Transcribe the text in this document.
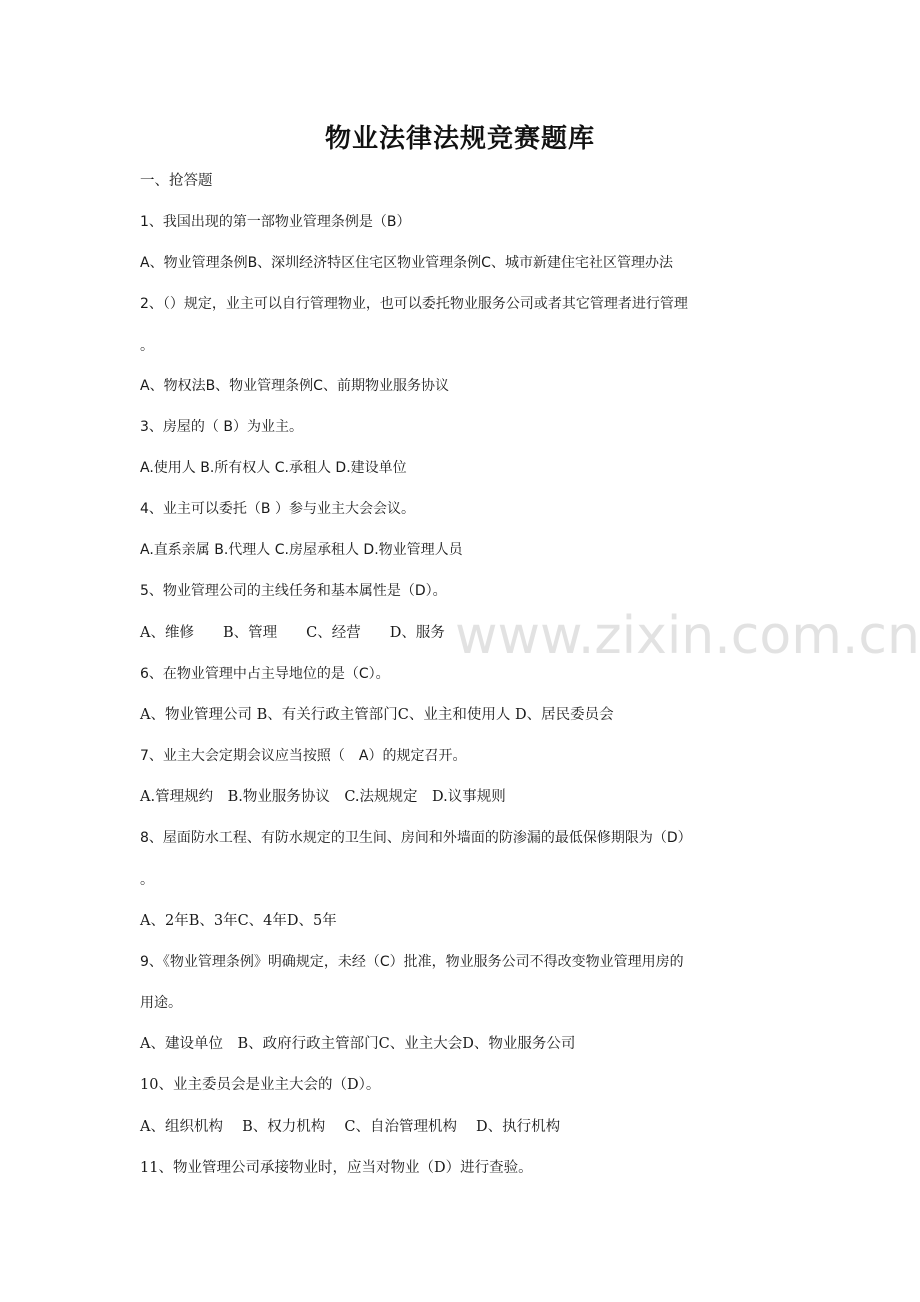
物业法律法规竞赛题库
www.zixin.com.cn
一、抢答题
1、我国出现的第一部物业管理条例是（B）
A、物业管理条例B、深圳经济特区住宅区物业管理条例C、城市新建住宅社区管理办法
2、（）规定，业主可以自行管理物业，也可以委托物业服务公司或者其它管理者进行管理
。
A、物权法B、物业管理条例C、前期物业服务协议
3、房屋的（ B）为业主。
A.使用人 B.所有权人 C.承租人 D.建设单位
4、业主可以委托（B ）参与业主大会会议。
A.直系亲属 B.代理人 C.房屋承租人 D.物业管理人员
5、物业管理公司的主线任务和基本属性是（D）。
A、维修　　B、管理　　C、经营　　D、服务
6、在物业管理中占主导地位的是（C）。
A、物业管理公司 B、有关行政主管部门C、业主和使用人 D、居民委员会
7、业主大会定期会议应当按照（　A）的规定召开。
A.管理规约　B.物业服务协议　C.法规规定　D.议事规则
8、屋面防水工程、有防水规定的卫生间、房间和外墙面的防渗漏的最低保修期限为（D）
。
A、2年B、3年C、4年D、5年
9、《物业管理条例》明确规定，未经（C）批准，物业服务公司不得改变物业管理用房的
用途。
A、建设单位　B、政府行政主管部门C、业主大会D、物业服务公司
10、业主委员会是业主大会的（D）。
A、组织机构　 B、权力机构　 C、自治管理机构　 D、执行机构
11、物业管理公司承接物业时，应当对物业（D）进行查验。
